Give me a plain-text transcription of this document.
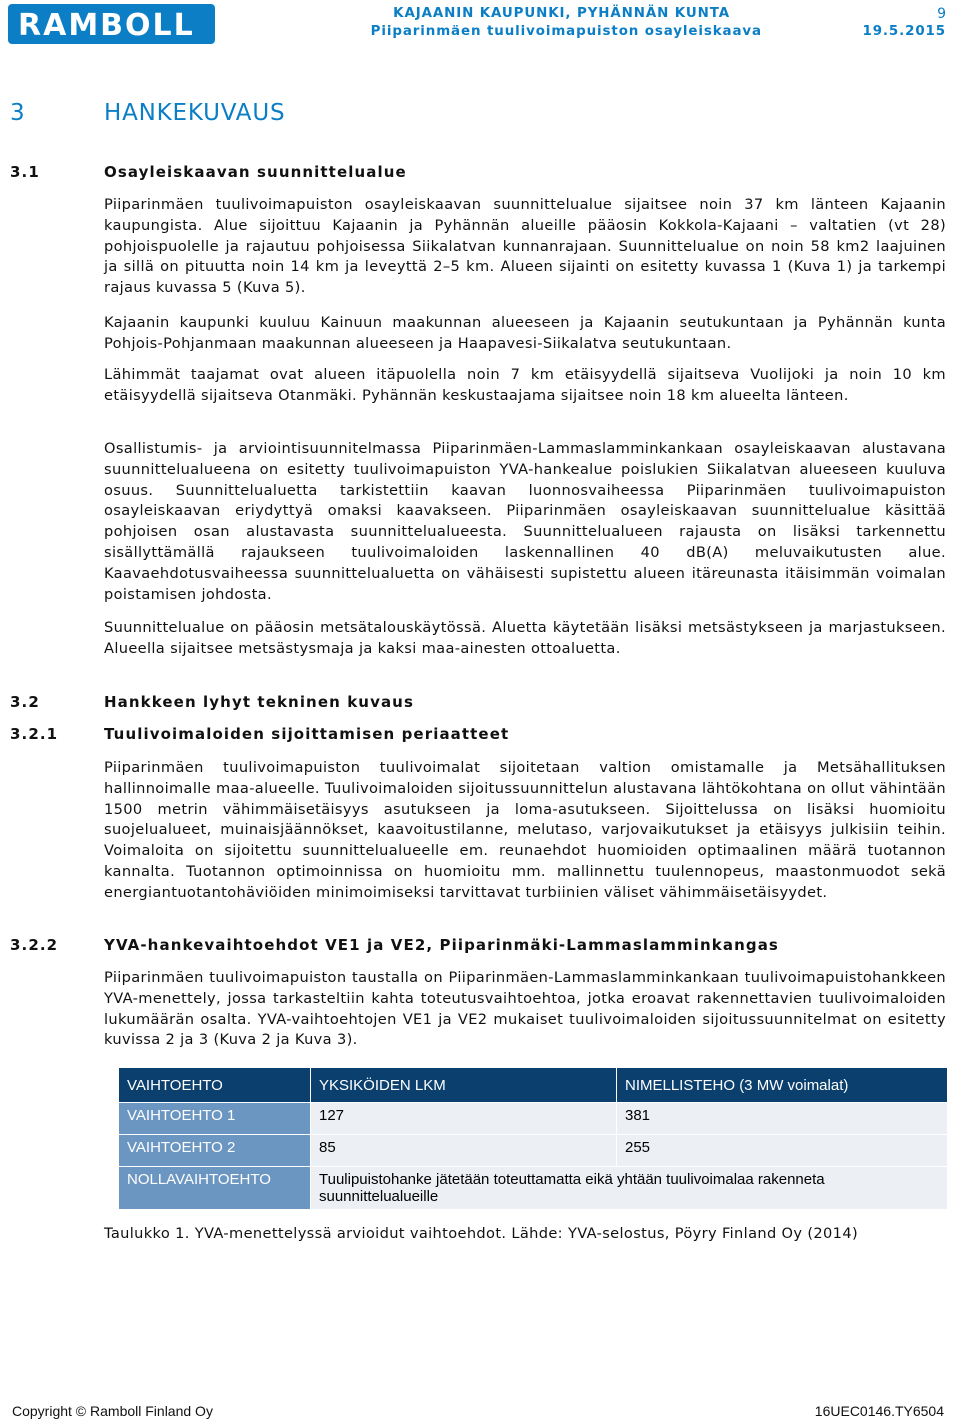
RAMBOLL	KAJAANIN KAUPUNKI, PYHÄNNÄN KUNTA
Piiparinmäen tuulivoimapuiston osayleiskaava
9
19.5.2015
3	HANKEKUVAUS
3.1	Osayleiskaavan suunnittelualue

Piiparinmäen tuulivoimapuiston osayleiskaavan suunnittelualue sijaitsee noin 37 km länteen Kajaanin kaupungista. Alue sijoittuu Kajaanin ja Pyhännän alueille pääosin Kokkola-Kajaani – valtatien (vt 28) pohjoispuolelle ja rajautuu pohjoisessa Siikalatvan kunnanrajaan. Suunnittelualue on noin 58 km2 laajuinen ja sillä on pituutta noin 14 km ja leveyttä 2–5 km. Alueen sijainti on esitetty kuvassa 1 (Kuva 1) ja tarkempi rajaus kuvassa 5 (Kuva 5).

Kajaanin kaupunki kuuluu Kainuun maakunnan alueeseen ja Kajaanin seutukuntaan ja Pyhännän kunta Pohjois-Pohjanmaan maakunnan alueeseen ja Haapavesi-Siikalatva seutukuntaan.

Lähimmät taajamat ovat alueen itäpuolella noin 7 km etäisyydellä sijaitseva Vuolijoki ja noin 10 km etäisyydellä sijaitseva Otanmäki. Pyhännän keskustaajama sijaitsee noin 18 km alueelta länteen.

Osallistumis- ja arviointisuunnitelmassa Piiparinmäen-Lammaslamminkankaan osayleiskaavan alustavana suunnittelualueena on esitetty tuulivoimapuiston YVA-hankealue poislukien Siikalatvan alueeseen kuuluva osuus. Suunnittelualuetta tarkistettiin kaavan luonnosvaiheessa Piiparinmäen tuulivoimapuiston osayleiskaavan eriydyttyä omaksi kaavakseen. Piiparinmäen osayleiskaavan suunnittelualue käsittää pohjoisen osan alustavasta suunnittelualueesta. Suunnittelualueen rajausta on lisäksi tarkennettu sisällyttämällä rajaukseen tuulivoimaloiden laskennallinen 40 dB(A) meluvaikutusten alue. Kaavaehdotusvaiheessa suunnittelualuetta on vähäisesti supistettu alueen itäreunasta itäisimmän voimalan poistamisen johdosta.

Suunnittelualue on pääosin metsätalouskäytössä. Aluetta käytetään lisäksi metsästykseen ja marjastukseen. Alueella sijaitsee metsästysmaja ja kaksi maa-ainesten ottoaluetta.

3.2	Hankkeen lyhyt tekninen kuvaus
3.2.1	Tuulivoimaloiden sijoittamisen periaatteet

Piiparinmäen tuulivoimapuiston tuulivoimalat sijoitetaan valtion omistamalle ja Metsähallituksen hallinnoimalle maa-alueelle. Tuulivoimaloiden sijoitussuunnittelun alustavana lähtökohtana on ollut vähintään 1500 metrin vähimmäisetäisyys asutukseen ja loma-asutukseen. Sijoittelussa on lisäksi huomioitu suojelualueet, muinaisjäännökset, kaavoitustilanne, melutaso, varjovaikutukset ja etäisyys julkisiin teihin. Voimaloita on sijoitettu suunnittelualueelle em. reunaehdot huomioiden optimaalinen määrä tuotannon kannalta. Tuotannon optimoinnissa on huomioitu mm. mallinnettu tuulennopeus, maastonmuodot sekä energiantuotantohäviöiden minimoimiseksi tarvittavat turbiinien väliset vähimmäisetäisyydet.

3.2.2	YVA-hankevaihtoehdot VE1 ja VE2, Piiparinmäki-Lammaslamminkangas

Piiparinmäen tuulivoimapuiston taustalla on Piiparinmäen-Lammaslamminkankaan tuulivoimapuistohankkeen YVA-menettely, jossa tarkasteltiin kahta toteutusvaihtoehtoa, jotka eroavat rakennettavien tuulivoimaloiden lukumäärän osalta. YVA-vaihtoehtojen VE1 ja VE2 mukaiset tuulivoimaloiden sijoitussuunnitelmat on esitetty kuvissa 2 ja 3 (Kuva 2 ja Kuva 3).

VAIHTOEHTO	YKSIKÖIDEN LKM	NIMELLISTEHO (3 MW voimalat)
VAIHTOEHTO 1	127	381
VAIHTOEHTO 2	85	255
NOLLAVAIHTOEHTO	Tuulipuistohanke jätetään toteuttamatta eikä yhtään tuulivoimalaa rakenneta suunnittelualueille	
Taulukko 1. YVA-menettelyssä arvioidut vaihtoehdot. Lähde: YVA-selostus, Pöyry Finland Oy (2014)
Copyright © Ramboll Finland Oy	16UEC0146.TY6504
